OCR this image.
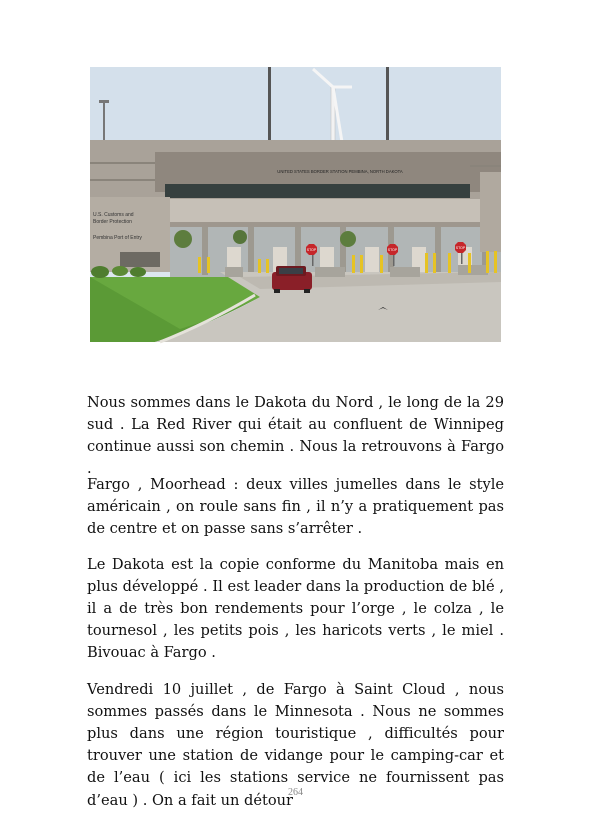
UNITED STATES BORDER STATION PEMBINA, NORTH DAKOTA
U.S. Customs and
Border Protection
Pembina Port of Entry
STOP	STOP	STOP

Nous sommes dans le Dakota du Nord , le long de la 29 sud . La Red River qui était au confluent de Winnipeg continue aussi son chemin . Nous la retrouvons à Fargo .

Fargo , Moorhead : deux villes jumelles dans le style américain , on roule sans fin , il n’y a pratiquement pas de centre et on passe sans s’arrêter .

Le Dakota est la copie conforme du Manitoba mais en plus développé . Il est leader dans la production de blé , il a de très bon rendements pour l’orge , le colza , le tournesol , les petits pois , les haricots verts , le miel . Bivouac à Fargo .

Vendredi 10 juillet , de Fargo à Saint Cloud , nous sommes passés dans le Minnesota . Nous ne sommes plus dans une région touristique , difficultés pour trouver une station de vidange pour le camping-car et de l’eau ( ici les stations service ne fournissent pas d’eau ) . On a fait un détour

264
